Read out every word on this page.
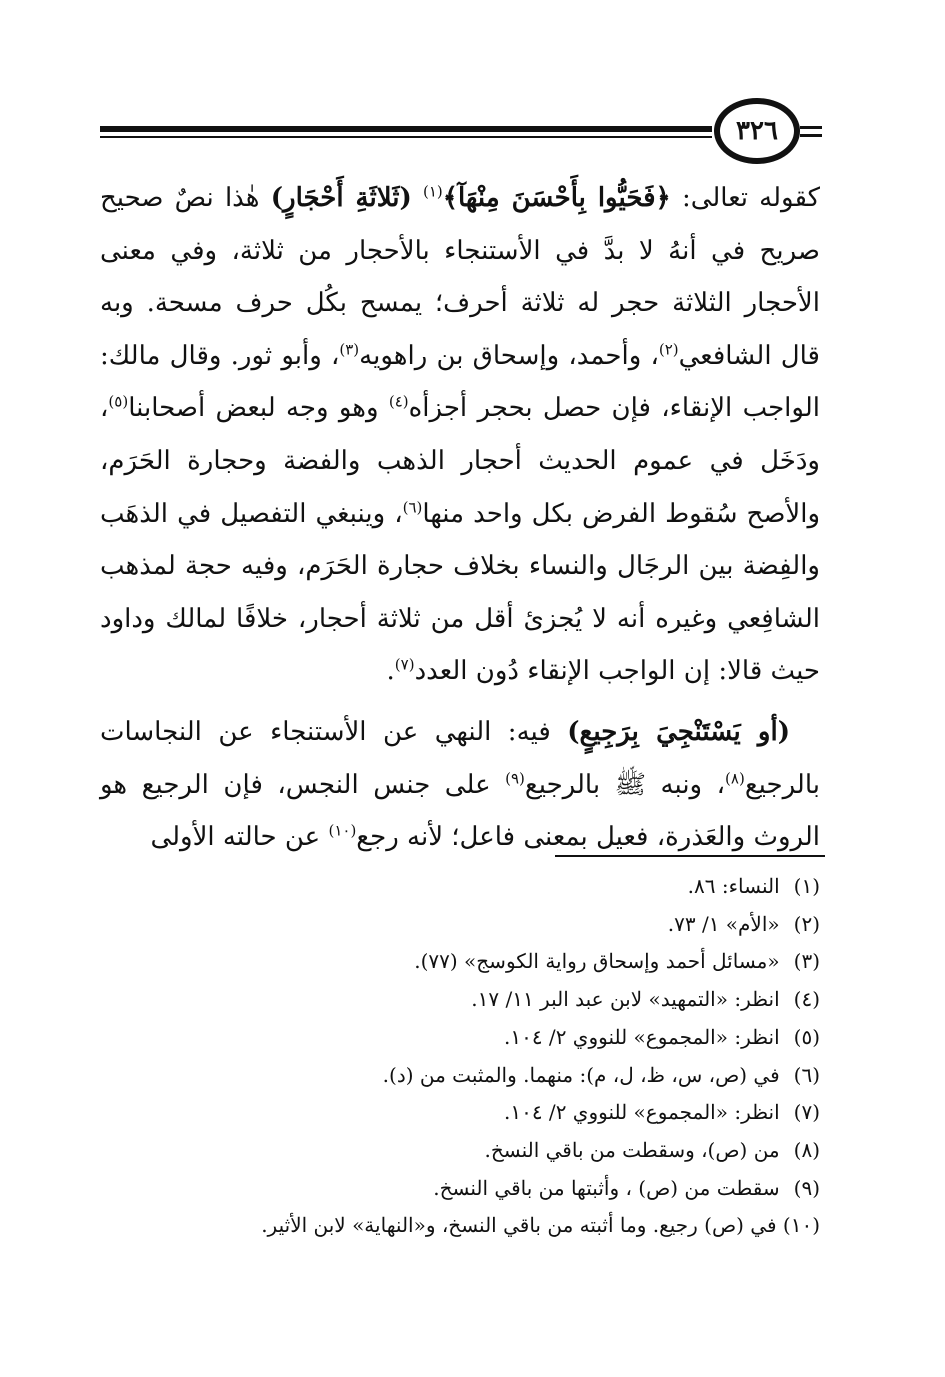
٣٢٦

كقوله تعالى: ﴿فَحَيُّوا بِأَحْسَنَ مِنْهَآ﴾$^{(١)}$ (ثَلاثَةِ أَحْجَارٍ) هٰذا نصٌ صحيح صريح في أنهُ لا بدَّ في الأستنجاء بالأحجار من ثلاثة، وفي معنى الأحجار الثلاثة حجر له ثلاثة أحرف؛ يمسح بكُل حرف مسحة. وبه قال الشافعي$^{(٢)}$، وأحمد، وإسحاق بن راهويه$^{(٣)}$، وأبو ثور. وقال مالك: الواجب الإنقاء، فإن حصل بحجر أجزأه$^{(٤)}$ وهو وجه لبعض أصحابنا$^{(٥)}$، ودَخَل في عموم الحديث أحجار الذهب والفضة وحجارة الحَرَم، والأصح سُقوط الفرض بكل واحد منها$^{(٦)}$، وينبغي التفصيل في الذهَب والفِضة بين الرجَال والنساء بخلاف حجارة الحَرَم، وفيه حجة لمذهب الشافِعي وغيره أنه لا يُجزئ أقل من ثلاثة أحجار، خلافًا لمالك وداود حيث قالا: إن الواجب الإنقاء دُون العدد$^{(٧)}$.

(أو يَسْتَنْجِيَ بِرَجِيعٍ) فيه: النهي عن الأستنجاء عن النجاسات بالرجيع$^{(٨)}$، ونبه ﷺ بالرجيع$^{(٩)}$ على جنس النجس، فإن الرجيع هو الروث والعَذرة، فعيل بمعنى فاعل؛ لأنه رجع$^{(١٠)}$ عن حالته الأولى

(١) النساء: ٨٦.
(٢) «الأم» ١/ ٧٣.
(٣) «مسائل أحمد وإسحاق رواية الكوسج» (٧٧).
(٤) انظر: «التمهيد» لابن عبد البر ١١/ ١٧.
(٥) انظر: «المجموع» للنووي ٢/ ١٠٤.
(٦) في (ص، س، ظ، ل، م): منهما. والمثبت من (د).
(٧) انظر: «المجموع» للنووي ٢/ ١٠٤.
(٨) من (ص)، وسقطت من باقي النسخ.
(٩) سقطت من (ص) ، وأثبتها من باقي النسخ.
(١٠) في (ص) رجيع. وما أثبته من باقي النسخ، و«النهاية» لابن الأثير.
